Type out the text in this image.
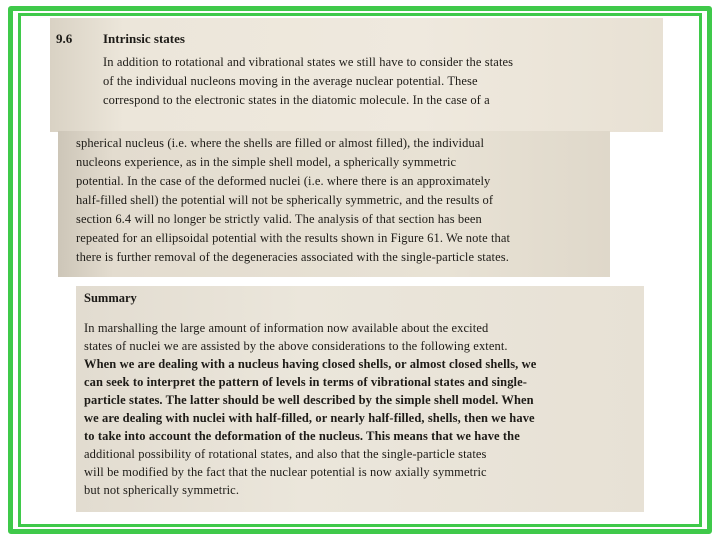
9.6 Intrinsic states
In addition to rotational and vibrational states we still have to consider the states
of the individual nucleons moving in the average nuclear potential. These
correspond to the electronic states in the diatomic molecule. In the case of a
spherical nucleus (i.e. where the shells are filled or almost filled), the individual
nucleons experience, as in the simple shell model, a spherically symmetric
potential. In the case of the deformed nuclei (i.e. where there is an approximately
half-filled shell) the potential will not be spherically symmetric, and the results of
section 6.4 will no longer be strictly valid. The analysis of that section has been
repeated for an ellipsoidal potential with the results shown in Figure 61. We note that
there is further removal of the degeneracies associated with the single-particle states.
Summary
In marshalling the large amount of information now available about the excited
states of nuclei we are assisted by the above considerations to the following extent.
When we are dealing with a nucleus having closed shells, or almost closed shells, we
can seek to interpret the pattern of levels in terms of vibrational states and single-
particle states. The latter should be well described by the simple shell model. When
we are dealing with nuclei with half-filled, or nearly half-filled, shells, then we have
to take into account the deformation of the nucleus. This means that we have the
additional possibility of rotational states, and also that the single-particle states
will be modified by the fact that the nuclear potential is now axially symmetric
but not spherically symmetric.
